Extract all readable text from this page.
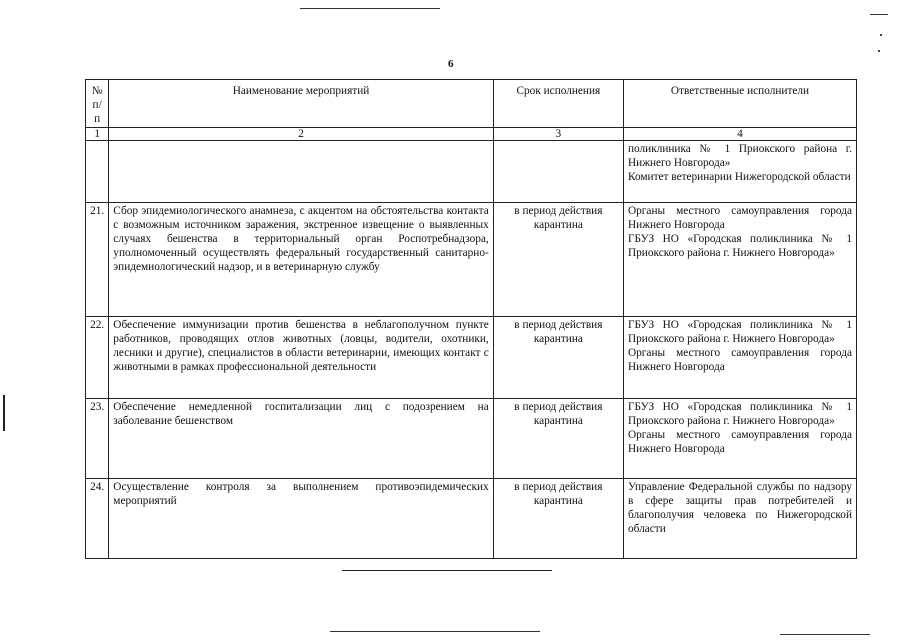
6
№ п/п	Наименование мероприятий	Срок исполнения	Ответственные исполнители
1	2	3	4

			поликлиника № 1 Приокского района г. Нижнего Новгорода»
Комитет ветеринарии Нижегородской области

21.	Сбор эпидемиологического анамнеза, с акцентом на обстоятельства контакта с возможным источником заражения, экстренное извещение о выявленных случаях бешенства в территориальный орган Роспотребнадзора, уполномоченный осуществлять федеральный государственный санитарно-эпидемиологический надзор, и в ветеринарную службу	в период действия карантина	Органы местного самоуправления города Нижнего Новгорода
ГБУЗ НО «Городская поликлиника № 1 Приокского района г. Нижнего Новгорода»

22.	Обеспечение иммунизации против бешенства в неблагополучном пункте работников, проводящих отлов животных (ловцы, водители, охотники, лесники и другие), специалистов в области ветеринарии, имеющих контакт с животными в рамках профессиональной деятельности	в период действия карантина	ГБУЗ НО «Городская поликлиника № 1 Приокского района г. Нижнего Новгорода»
Органы местного самоуправления города Нижнего Новгорода

23.	Обеспечение немедленной госпитализации лиц с подозрением на заболевание бешенством	в период действия карантина	ГБУЗ НО «Городская поликлиника № 1 Приокского района г. Нижнего Новгорода»
Органы местного самоуправления города Нижнего Новгорода

24.	Осуществление контроля за выполнением противоэпидемических мероприятий	в период действия карантина	Управление Федеральной службы по надзору в сфере защиты прав потребителей и благополучия человека по Нижегородской области
